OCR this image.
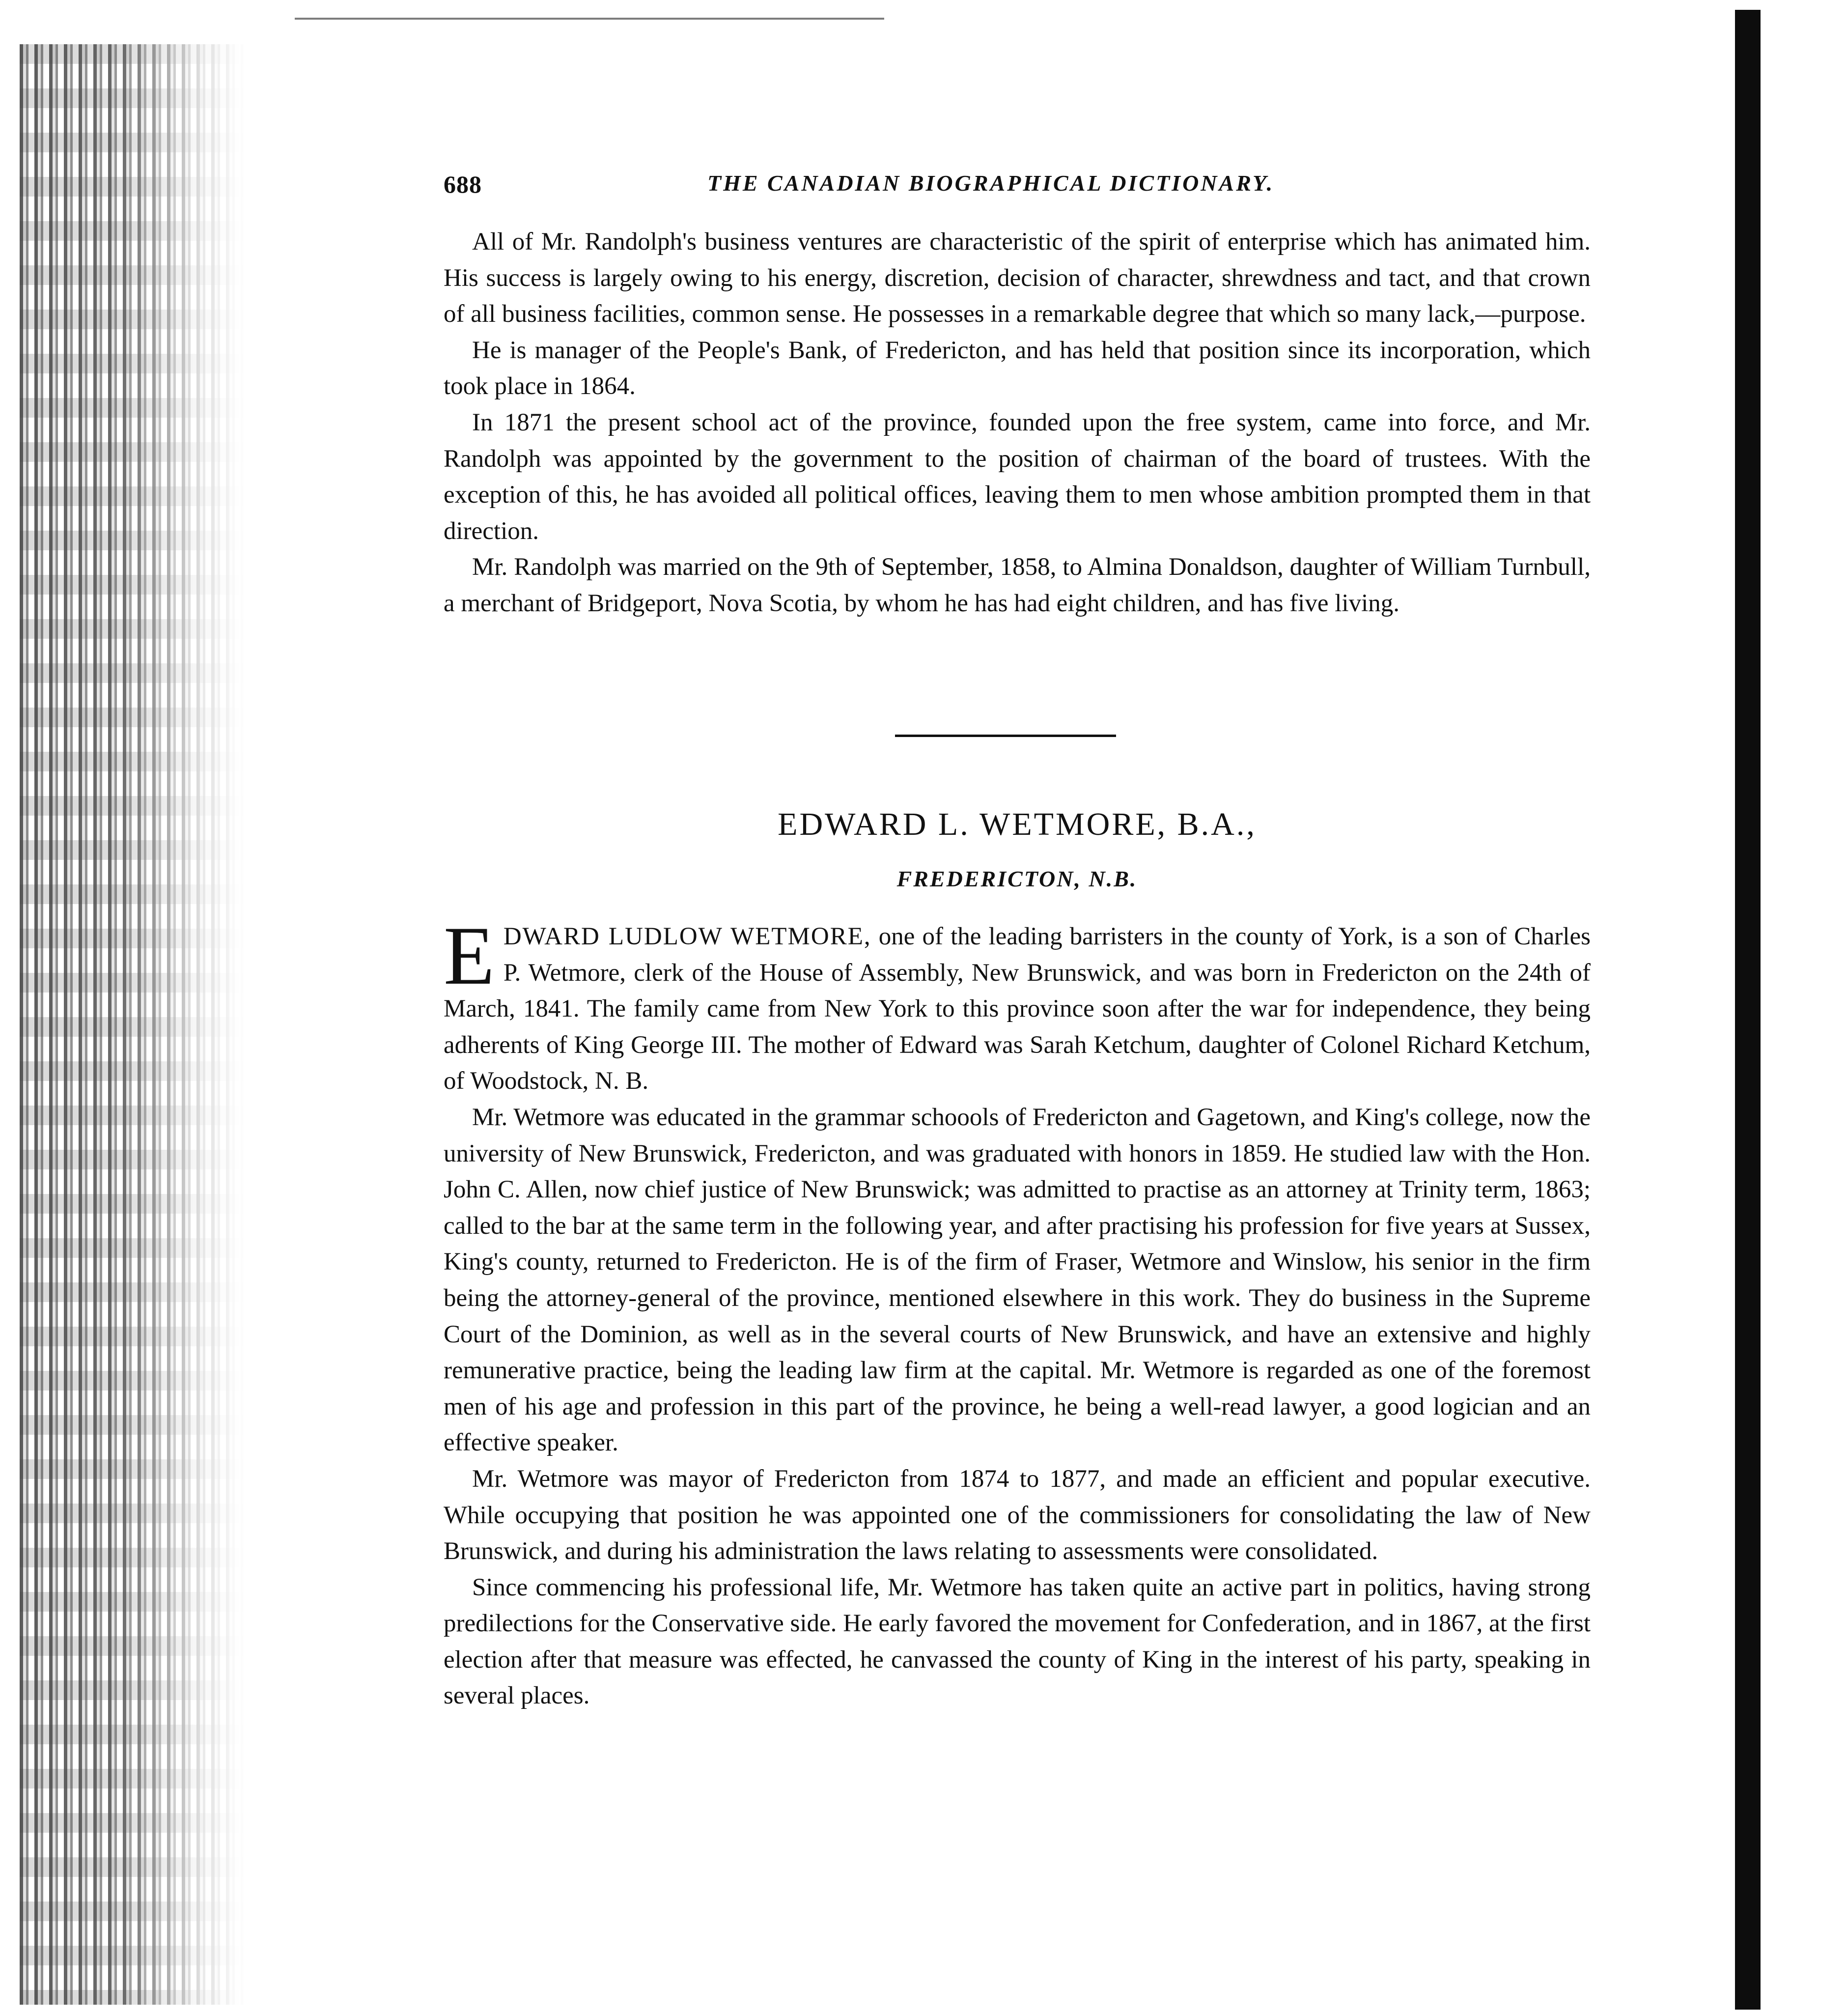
688	THE CANADIAN BIOGRAPHICAL DICTIONARY.

All of Mr. Randolph's business ventures are characteristic of the spirit of enterprise which has animated him. His success is largely owing to his energy, discretion, decision of character, shrewdness and tact, and that crown of all business facilities, common sense. He possesses in a remarkable degree that which so many lack,—purpose.

He is manager of the People's Bank, of Fredericton, and has held that position since its incorporation, which took place in 1864.

In 1871 the present school act of the province, founded upon the free system, came into force, and Mr. Randolph was appointed by the government to the position of chairman of the board of trustees. With the exception of this, he has avoided all political offices, leaving them to men whose ambition prompted them in that direction.

Mr. Randolph was married on the 9th of September, 1858, to Almina Donaldson, daughter of William Turnbull, a merchant of Bridgeport, Nova Scotia, by whom he has had eight children, and has five living.

EDWARD L. WETMORE, B.A.,
FREDERICTON, N.B.

EDWARD LUDLOW WETMORE, one of the leading barristers in the county of York, is a son of Charles P. Wetmore, clerk of the House of Assembly, New Brunswick, and was born in Fredericton on the 24th of March, 1841. The family came from New York to this province soon after the war for independence, they being adherents of King George III. The mother of Edward was Sarah Ketchum, daughter of Colonel Richard Ketchum, of Woodstock, N. B.

Mr. Wetmore was educated in the grammar schoools of Fredericton and Gagetown, and King's college, now the university of New Brunswick, Fredericton, and was graduated with honors in 1859. He studied law with the Hon. John C. Allen, now chief justice of New Brunswick; was admitted to practise as an attorney at Trinity term, 1863; called to the bar at the same term in the following year, and after practising his profession for five years at Sussex, King's county, returned to Fredericton. He is of the firm of Fraser, Wetmore and Winslow, his senior in the firm being the attorney-general of the province, mentioned elsewhere in this work. They do business in the Supreme Court of the Dominion, as well as in the several courts of New Brunswick, and have an extensive and highly remunerative practice, being the leading law firm at the capital. Mr. Wetmore is regarded as one of the foremost men of his age and profession in this part of the province, he being a well-read lawyer, a good logician and an effective speaker.

Mr. Wetmore was mayor of Fredericton from 1874 to 1877, and made an efficient and popular executive. While occupying that position he was appointed one of the commissioners for consolidating the law of New Brunswick, and during his administration the laws relating to assessments were consolidated.

Since commencing his professional life, Mr. Wetmore has taken quite an active part in politics, having strong predilections for the Conservative side. He early favored the movement for Confederation, and in 1867, at the first election after that measure was effected, he canvassed the county of King in the interest of his party, speaking in several places.
